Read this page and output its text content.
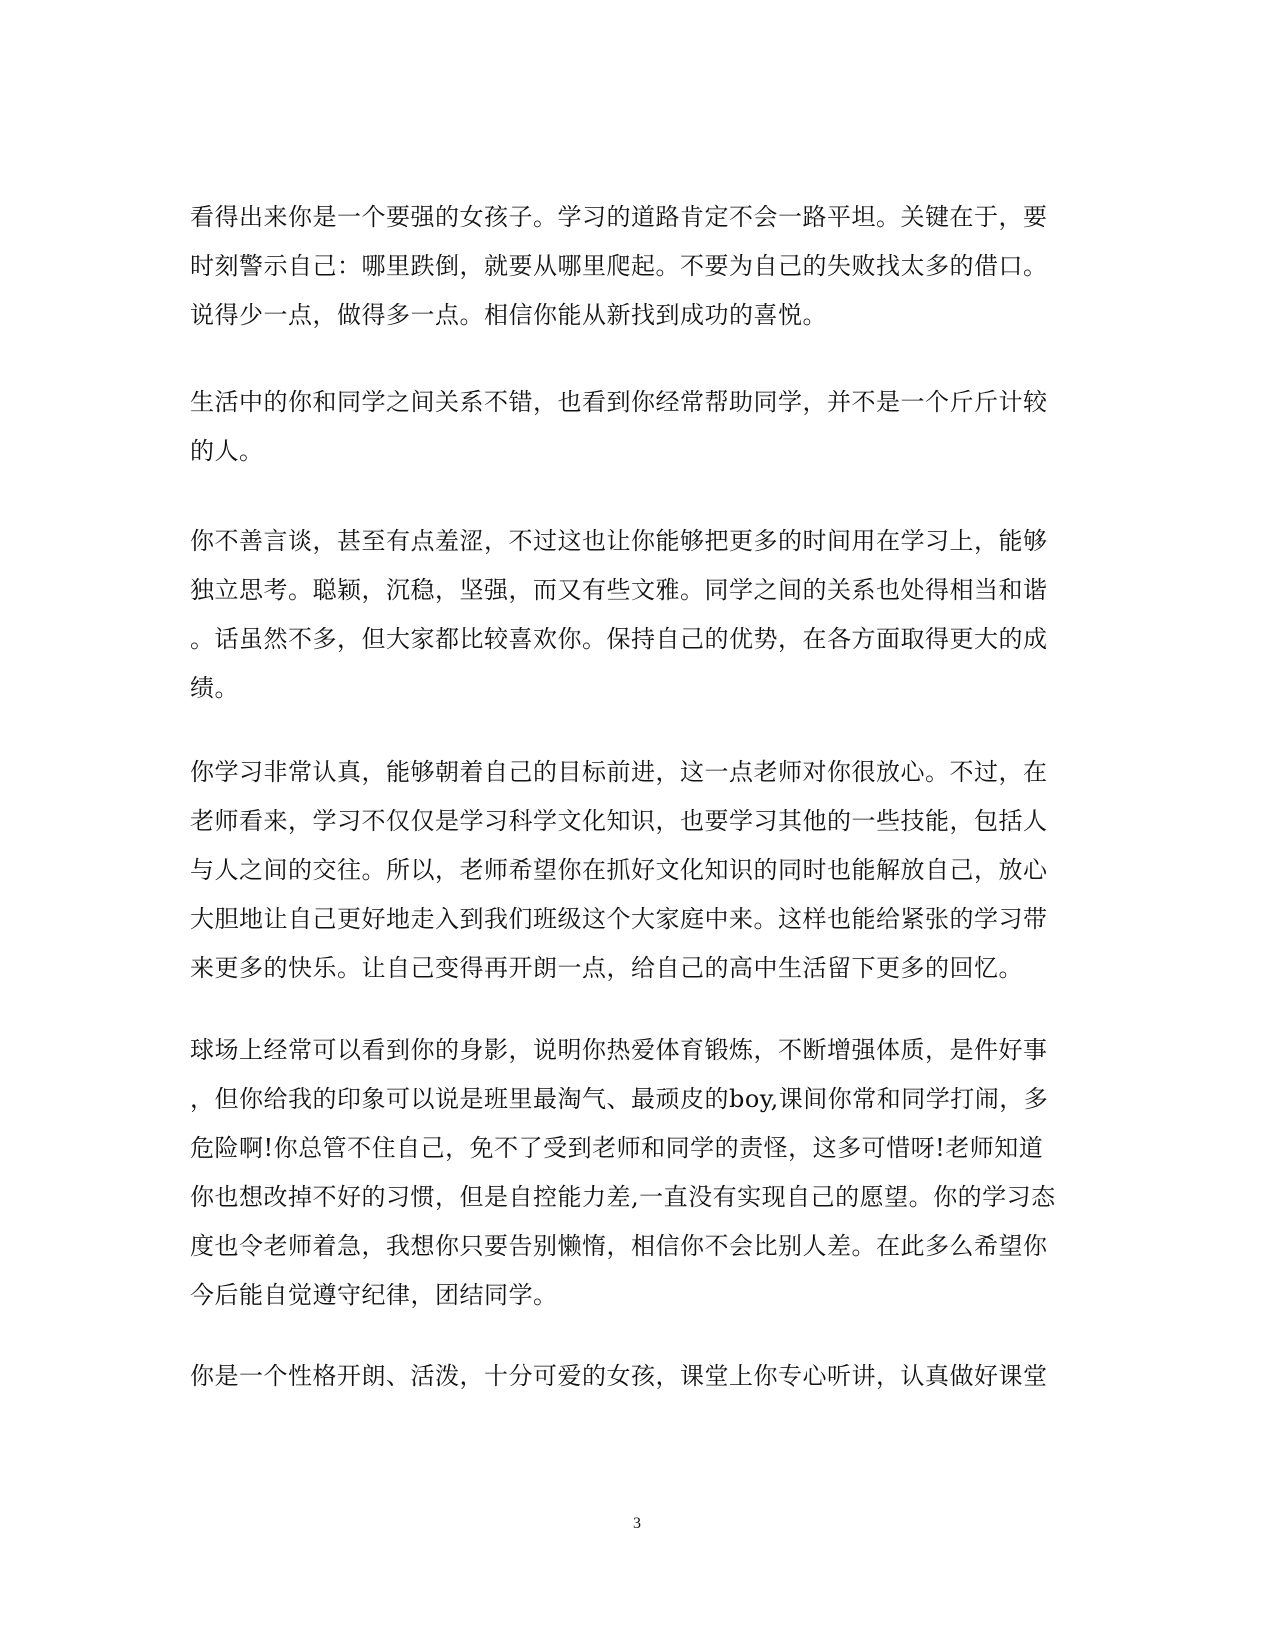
看得出来你是一个要强的女孩子。学习的道路肯定不会一路平坦。关键在于，要
时刻警示自己：哪里跌倒，就要从哪里爬起。不要为自己的失败找太多的借口。
说得少一点，做得多一点。相信你能从新找到成功的喜悦。
生活中的你和同学之间关系不错，也看到你经常帮助同学，并不是一个斤斤计较
的人。
你不善言谈，甚至有点羞涩，不过这也让你能够把更多的时间用在学习上，能够
独立思考。聪颖，沉稳，坚强，而又有些文雅。同学之间的关系也处得相当和谐
。话虽然不多，但大家都比较喜欢你。保持自己的优势，在各方面取得更大的成
绩。
你学习非常认真，能够朝着自己的目标前进，这一点老师对你很放心。不过，在
老师看来，学习不仅仅是学习科学文化知识，也要学习其他的一些技能，包括人
与人之间的交往。所以，老师希望你在抓好文化知识的同时也能解放自己，放心
大胆地让自己更好地走入到我们班级这个大家庭中来。这样也能给紧张的学习带
来更多的快乐。让自己变得再开朗一点，给自己的高中生活留下更多的回忆。
球场上经常可以看到你的身影，说明你热爱体育锻炼，不断增强体质，是件好事
，但你给我的印象可以说是班里最淘气、最顽皮的boy,课间你常和同学打闹，多
危险啊!你总管不住自己，免不了受到老师和同学的责怪，这多可惜呀!老师知道
你也想改掉不好的习惯，但是自控能力差,一直没有实现自己的愿望。你的学习态
度也令老师着急，我想你只要告别懒惰，相信你不会比别人差。在此多么希望你
今后能自觉遵守纪律，团结同学。
你是一个性格开朗、活泼，十分可爱的女孩，课堂上你专心听讲，认真做好课堂
3
